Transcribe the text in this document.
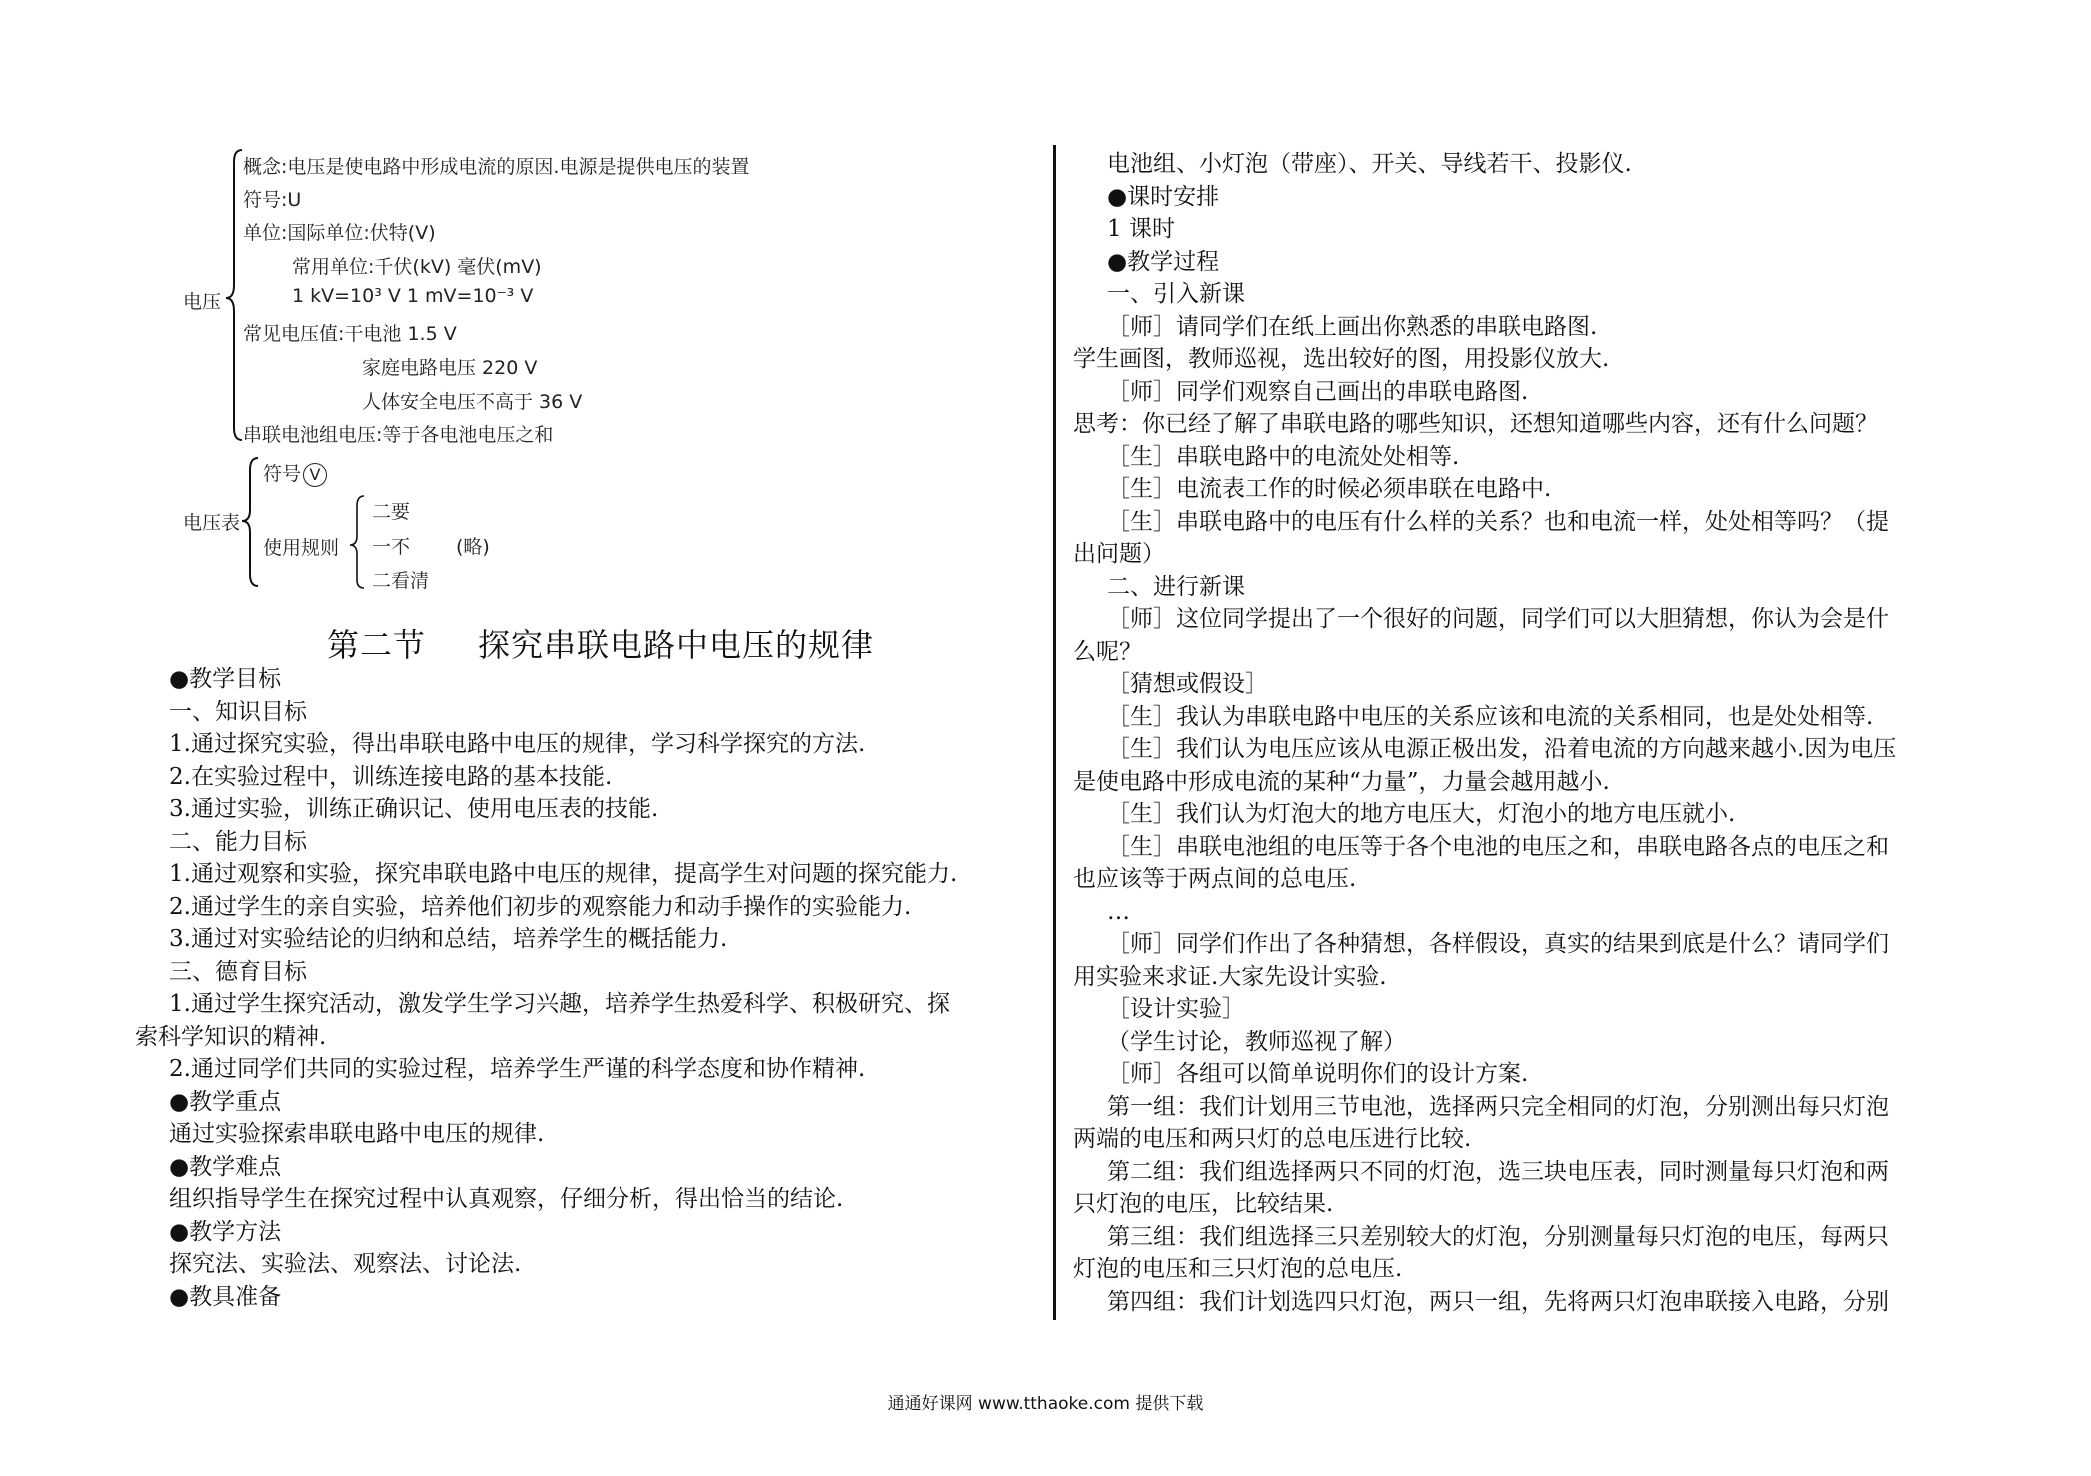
电压
概念:电压是使电路中形成电流的原因.电源是提供电压的装置
符号:U
单位:国际单位:伏特(V)
常用单位:千伏(kV) 毫伏(mV)
1 kV=10³ V 1 mV=10⁻³ V
常见电压值:干电池 1.5 V
家庭电路电压 220 V
人体安全电压不高于 36 V
串联电池组电压:等于各电池电压之和
电压表
符号 V
使用规则
二要
一不 (略)
二看清
第二节 探究串联电路中电压的规律
●教学目标
一、知识目标
1.通过探究实验，得出串联电路中电压的规律，学习科学探究的方法.
2.在实验过程中，训练连接电路的基本技能.
3.通过实验，训练正确识记、使用电压表的技能.
二、能力目标
1.通过观察和实验，探究串联电路中电压的规律，提高学生对问题的探究能力.
2.通过学生的亲自实验，培养他们初步的观察能力和动手操作的实验能力.
3.通过对实验结论的归纳和总结，培养学生的概括能力.
三、德育目标
1.通过学生探究活动，激发学生学习兴趣，培养学生热爱科学、积极研究、探
索科学知识的精神.
2.通过同学们共同的实验过程，培养学生严谨的科学态度和协作精神.
●教学重点
通过实验探索串联电路中电压的规律.
●教学难点
组织指导学生在探究过程中认真观察，仔细分析，得出恰当的结论.
●教学方法
探究法、实验法、观察法、讨论法.
●教具准备
电池组、小灯泡（带座）、开关、导线若干、投影仪.
●课时安排
1 课时
●教学过程
一、引入新课
［师］请同学们在纸上画出你熟悉的串联电路图.
学生画图，教师巡视，选出较好的图，用投影仪放大.
［师］同学们观察自己画出的串联电路图.
思考：你已经了解了串联电路的哪些知识，还想知道哪些内容，还有什么问题？
［生］串联电路中的电流处处相等.
［生］电流表工作的时候必须串联在电路中.
［生］串联电路中的电压有什么样的关系？也和电流一样，处处相等吗？（提
出问题）
二、进行新课
［师］这位同学提出了一个很好的问题，同学们可以大胆猜想，你认为会是什
么呢？
［猜想或假设］
［生］我认为串联电路中电压的关系应该和电流的关系相同，也是处处相等.
［生］我们认为电压应该从电源正极出发，沿着电流的方向越来越小.因为电压
是使电路中形成电流的某种“力量”，力量会越用越小.
［生］我们认为灯泡大的地方电压大，灯泡小的地方电压就小.
［生］串联电池组的电压等于各个电池的电压之和，串联电路各点的电压之和
也应该等于两点间的总电压.
…
［师］同学们作出了各种猜想，各样假设，真实的结果到底是什么？请同学们
用实验来求证.大家先设计实验.
［设计实验］
（学生讨论，教师巡视了解）
［师］各组可以简单说明你们的设计方案.
第一组：我们计划用三节电池，选择两只完全相同的灯泡，分别测出每只灯泡
两端的电压和两只灯的总电压进行比较.
第二组：我们组选择两只不同的灯泡，选三块电压表，同时测量每只灯泡和两
只灯泡的电压，比较结果.
第三组：我们组选择三只差别较大的灯泡，分别测量每只灯泡的电压，每两只
灯泡的电压和三只灯泡的总电压.
第四组：我们计划选四只灯泡，两只一组，先将两只灯泡串联接入电路，分别
通通好课网 www.tthaoke.com 提供下载
